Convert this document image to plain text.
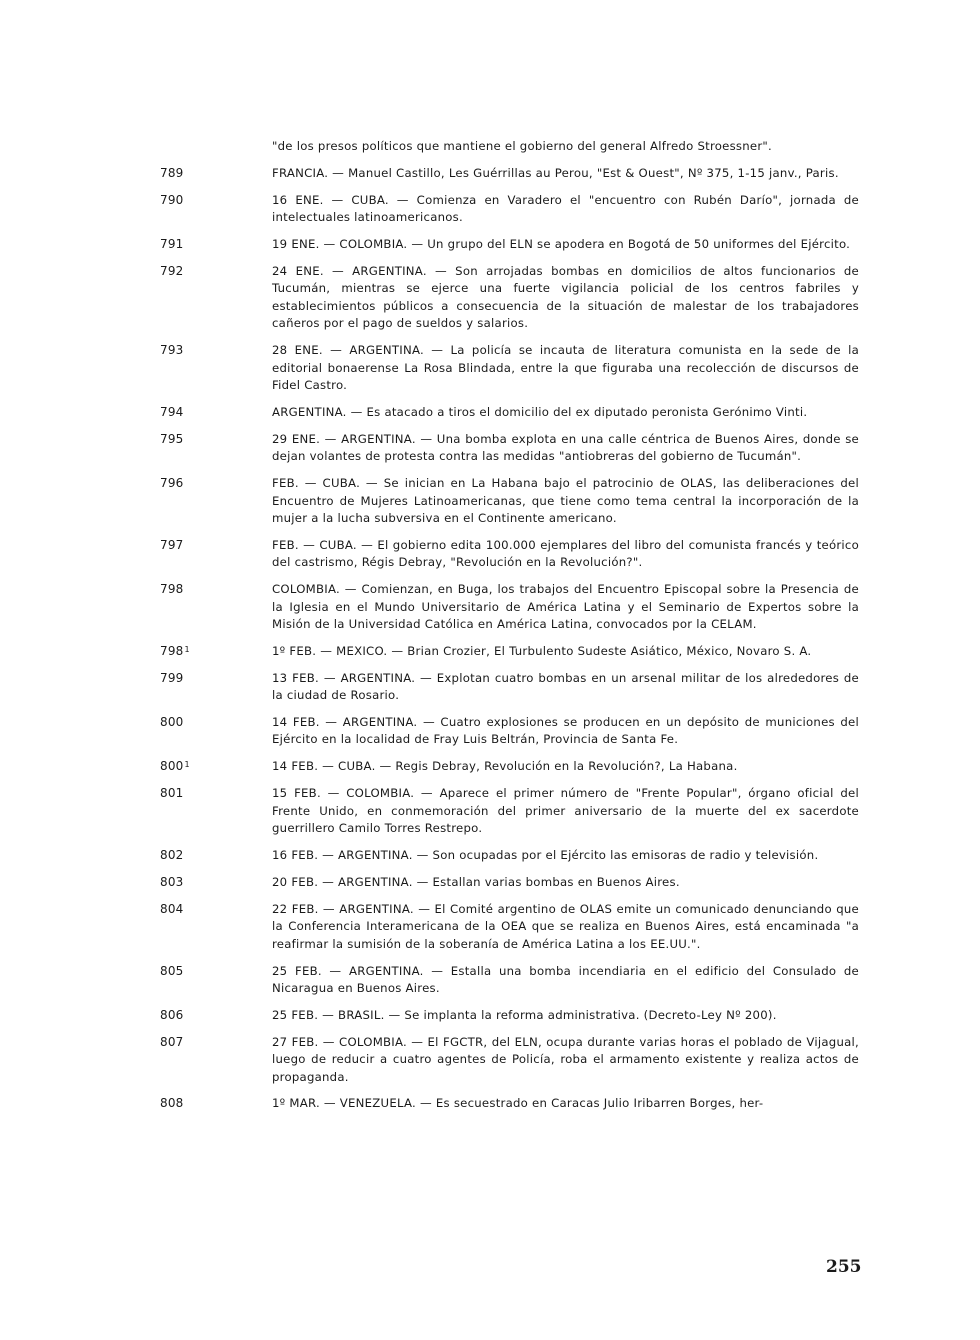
"de los presos políticos que mantiene el gobierno del general Alfredo Stroessner".
789	FRANCIA. — Manuel Castillo, Les Guérrillas au Perou, "Est & Ouest", Nº 375, 1-15 janv., Paris.
790	16 ENE. — CUBA. — Comienza en Varadero el "encuentro con Rubén Darío", jornada de intelectuales latinoamericanos.
791	19 ENE. — COLOMBIA. — Un grupo del ELN se apodera en Bogotá de 50 uniformes del Ejército.
792	24 ENE. — ARGENTINA. — Son arrojadas bombas en domicilios de altos funcionarios de Tucumán, mientras se ejerce una fuerte vigilancia policial de los centros fabriles y establecimientos públicos a consecuencia de la situación de malestar de los trabajadores cañeros por el pago de sueldos y salarios.
793	28 ENE. — ARGENTINA. — La policía se incauta de literatura comunista en la sede de la editorial bonaerense La Rosa Blindada, entre la que figuraba una recolección de discursos de Fidel Castro.
794	ARGENTINA. — Es atacado a tiros el domicilio del ex diputado peronista Gerónimo Vinti.
795	29 ENE. — ARGENTINA. — Una bomba explota en una calle céntrica de Buenos Aires, donde se dejan volantes de protesta contra las medidas "antiobreras del gobierno de Tucumán".
796	FEB. — CUBA. — Se inician en La Habana bajo el patrocinio de OLAS, las deliberaciones del Encuentro de Mujeres Latinoamericanas, que tiene como tema central la incorporación de la mujer a la lucha subversiva en el Continente americano.
797	FEB. — CUBA. — El gobierno edita 100.000 ejemplares del libro del comunista francés y teórico del castrismo, Régis Debray, "Revolución en la Revolución?".
798	COLOMBIA. — Comienzan, en Buga, los trabajos del Encuentro Episcopal sobre la Presencia de la Iglesia en el Mundo Universitario de América Latina y el Seminario de Expertos sobre la Misión de la Universidad Católica en América Latina, convocados por la CELAM.
$798^1$	1º FEB. — MEXICO. — Brian Crozier, El Turbulento Sudeste Asiático, México, Novaro S. A.
799	13 FEB. — ARGENTINA. — Explotan cuatro bombas en un arsenal militar de los alrededores de la ciudad de Rosario.
800	14 FEB. — ARGENTINA. — Cuatro explosiones se producen en un depósito de municiones del Ejército en la localidad de Fray Luis Beltrán, Provincia de Santa Fe.
$800^1$	14 FEB. — CUBA. — Regis Debray, Revolución en la Revolución?, La Habana.
801	15 FEB. — COLOMBIA. — Aparece el primer número de "Frente Popular", órgano oficial del Frente Unido, en conmemoración del primer aniversario de la muerte del ex sacerdote guerrillero Camilo Torres Restrepo.
802	16 FEB. — ARGENTINA. — Son ocupadas por el Ejército las emisoras de radio y televisión.
803	20 FEB. — ARGENTINA. — Estallan varias bombas en Buenos Aires.
804	22 FEB. — ARGENTINA. — El Comité argentino de OLAS emite un comunicado denunciando que la Conferencia Interamericana de la OEA que se realiza en Buenos Aires, está encaminada "a reafirmar la sumisión de la soberanía de América Latina a los EE.UU.".
805	25 FEB. — ARGENTINA. — Estalla una bomba incendiaria en el edificio del Consulado de Nicaragua en Buenos Aires.
806	25 FEB. — BRASIL. — Se implanta la reforma administrativa. (Decreto-Ley Nº 200).
807	27 FEB. — COLOMBIA. — El FGCTR, del ELN, ocupa durante varias horas el poblado de Vijagual, luego de reducir a cuatro agentes de Policía, roba el armamento existente y realiza actos de propaganda.
808	1º MAR. — VENEZUELA. — Es secuestrado en Caracas Julio Iribarren Borges, her-
255
